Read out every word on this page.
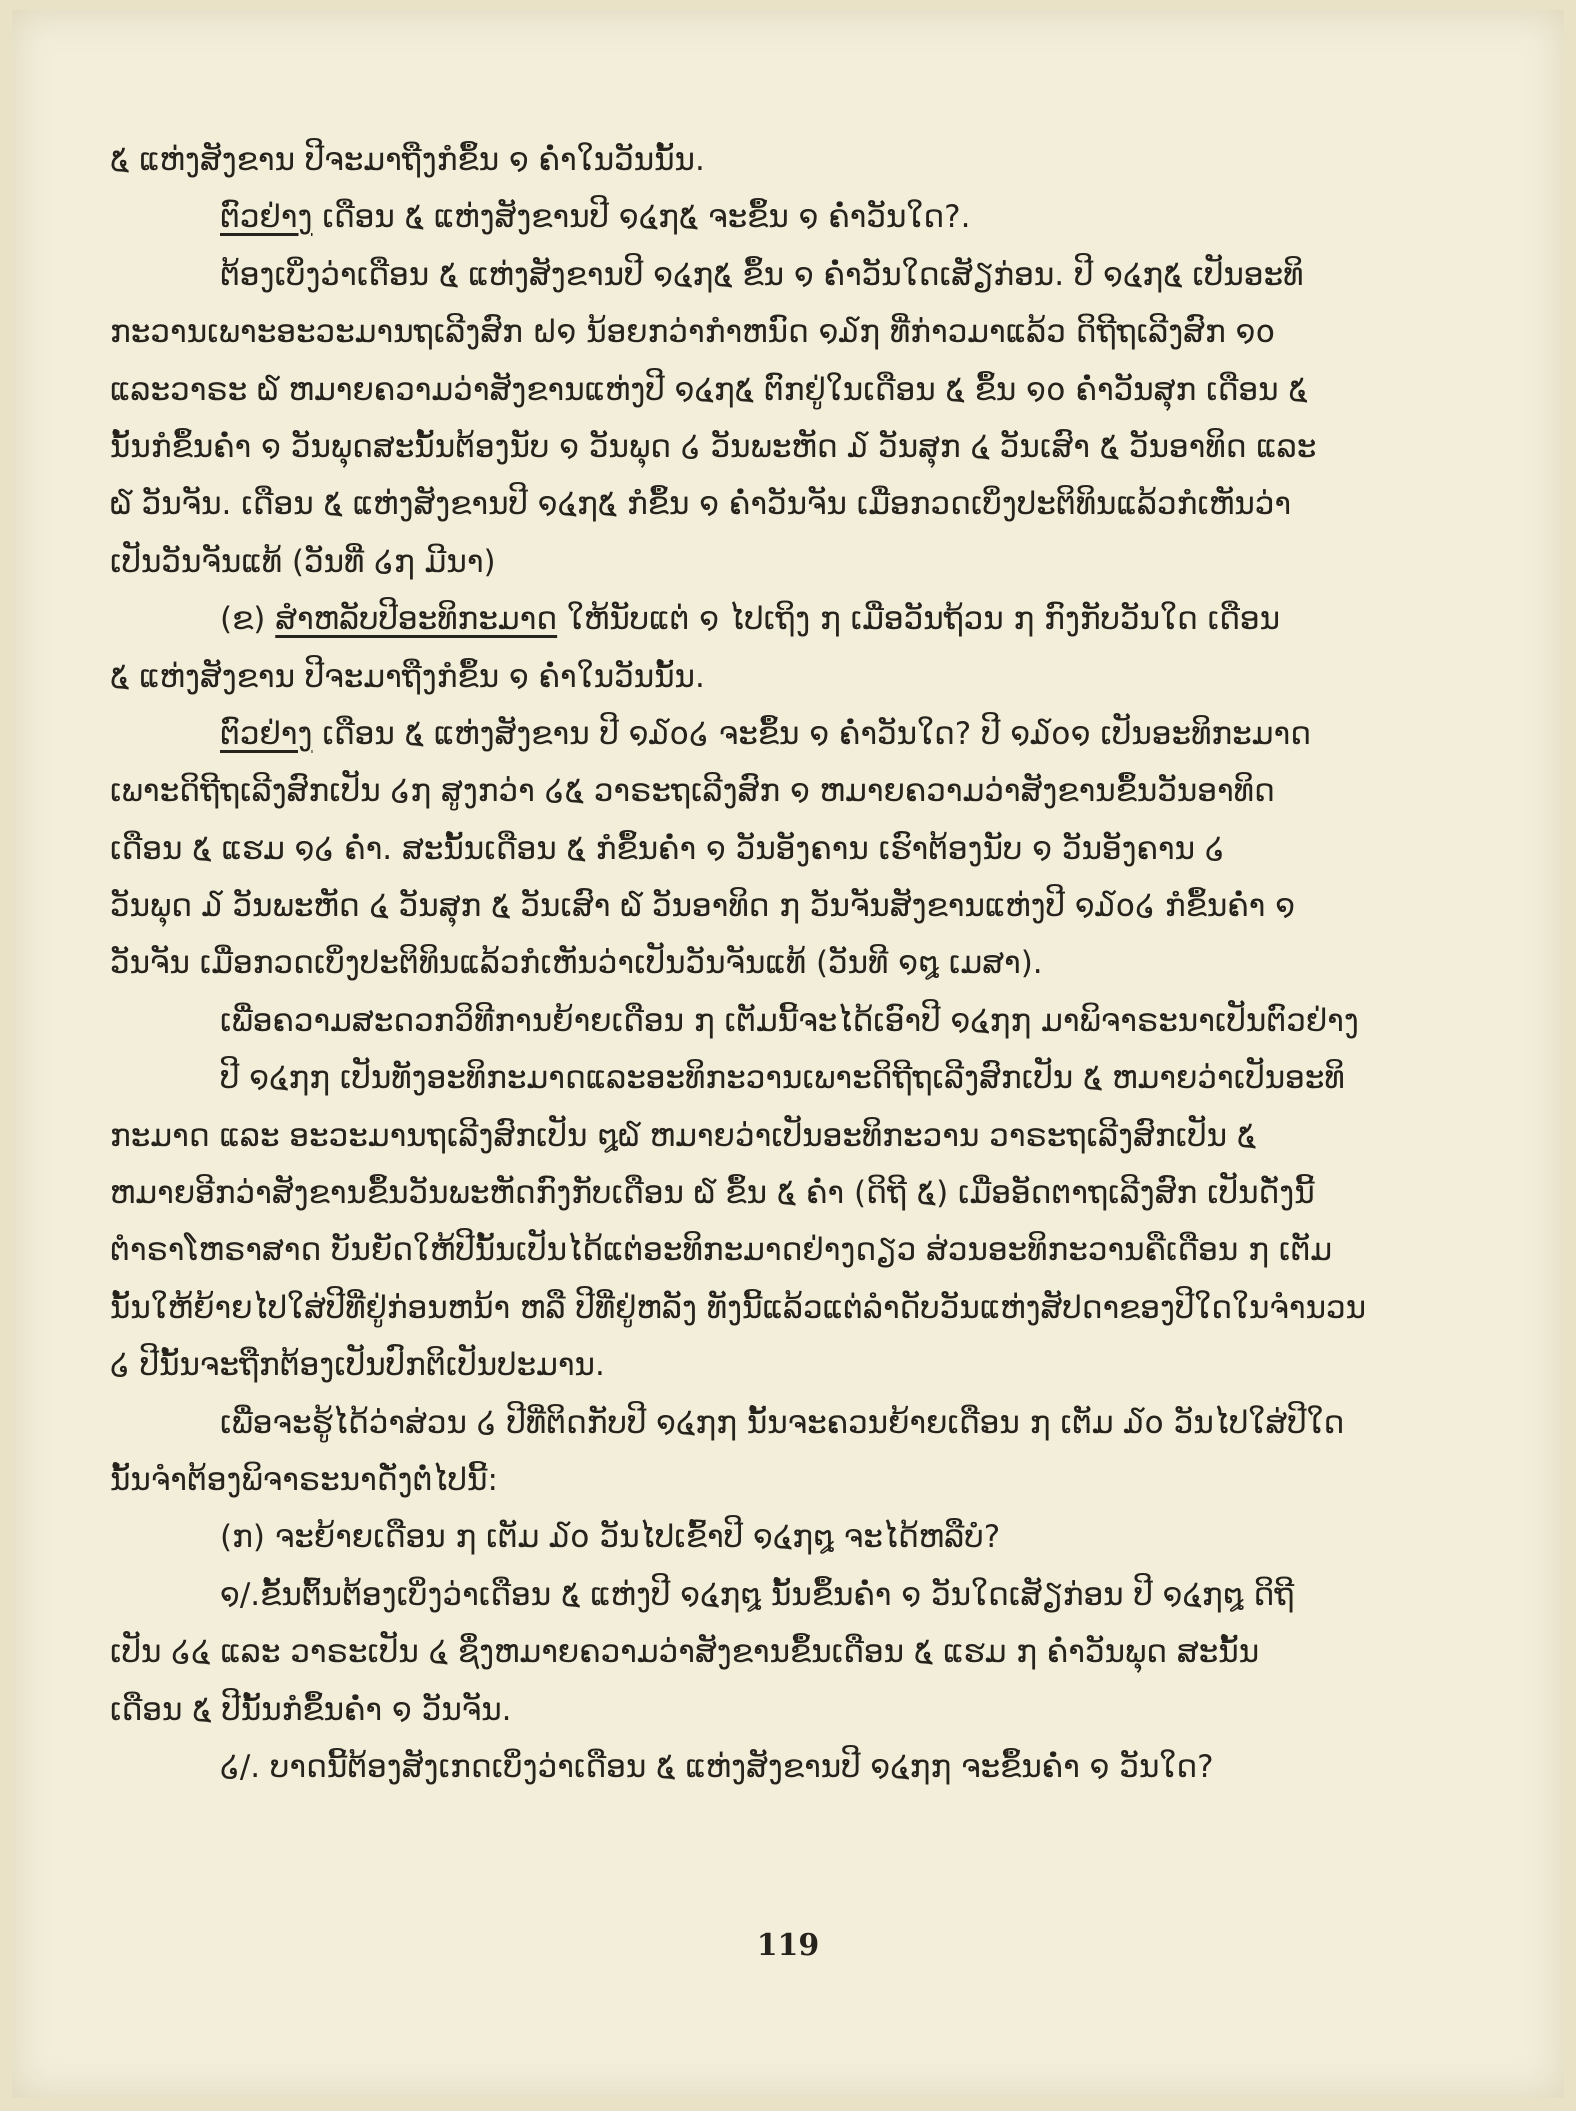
໕ ແຫ່ງສັງຂານ ປີຈະມາຖືງກໍຂຶ້ນ ໑ ຄ່ຳໃນວັນນັ້ນ.
ຕົວຢ່າງ ເດືອນ ໕ ແຫ່ງສັງຂານປີ ໑໔໗໕ ຈະຂຶ້ນ ໑ ຄ່ຳວັນໃດ?.
ຕ້ອງເບິ່ງວ່າເດືອນ ໕ ແຫ່ງສັງຂານປີ ໑໔໗໕ ຂຶ້ນ ໑ ຄ່ຳວັນໃດເສັຽກ່ອນ. ປີ ໑໔໗໕ ເປັນອະທິ
ກະວານເພາະອະວະມານຖເລີງສົກ ຝ໑ ນ້ອຍກວ່າກຳຫນົດ ໑໓໗ ທີ່ກ່າວມາແລ້ວ ດິຖີຖເລີງສົກ ໑໐
ແລະວາຣະ ໖ ຫມາຍຄວາມວ່າສັງຂານແຫ່ງປີ ໑໔໗໕ ຕົກຢູ່ໃນເດືອນ ໕ ຂຶ້ນ ໑໐ ຄ່ຳວັນສຸກ ເດືອນ ໕
ນັ້ນກໍຂຶ້ນຄ່ຳ ໑ ວັນພຸດສະນັ້ນຕ້ອງນັບ ໑ ວັນພຸດ ໒ ວັນພະຫັດ ໓ ວັນສຸກ ໔ ວັນເສົາ ໕ ວັນອາທິດ ແລະ
໖ ວັນຈັນ. ເດືອນ ໕ ແຫ່ງສັງຂານປີ ໑໔໗໕ ກໍຂຶ້ນ ໑ ຄ່ຳວັນຈັນ ເມື່ອກວດເບິ່ງປະຕິທິນແລ້ວກໍເຫັນວ່າ
ເປັນວັນຈັນແທ້ (ວັນທີ່ ໒໗ ມີນາ)
(ຂ) ສຳຫລັບປີອະທິກະມາດ ໃຫ້ນັບແຕ່ ໑ ໄປເຖິງ ໗ ເມື່ອວັນຖ້ວນ ໗ ກົງກັບວັນໃດ ເດືອນ
໕ ແຫ່ງສັງຂານ ປີຈະມາຖືງກໍຂຶ້ນ ໑ ຄ່ຳໃນວັນນັ້ນ.
ຕົວຢ່າງ ເດືອນ ໕ ແຫ່ງສັງຂານ ປີ ໑໓໐໒ ຈະຂຶ້ນ ໑ ຄ່ຳວັນໃດ? ປີ ໑໓໐໑ ເປັນອະທິກະມາດ
ເພາະດິຖີຖເລີງສົກເປັນ ໒໗ ສູງກວ່າ ໒໕ ວາຣະຖເລີງສົກ ໑ ຫມາຍຄວາມວ່າສັງຂານຂຶ້ນວັນອາທິດ
ເດືອນ ໕ ແຮມ ໑໒ ຄ່ຳ. ສະນັ້ນເດືອນ ໕ ກໍຂຶ້ນຄ່ຳ ໑ ວັນອັງຄານ ເຮົາຕ້ອງນັບ ໑ ວັນອັງຄານ ໒
ວັນພຸດ ໓ ວັນພະຫັດ ໔ ວັນສຸກ ໕ ວັນເສົາ ໖ ວັນອາທິດ ໗ ວັນຈັນສັງຂານແຫ່ງປີ ໑໓໐໒ ກໍຂຶ້ນຄ່ຳ ໑
ວັນຈັນ ເມື່ອກວດເບິ່ງປະຕິທິນແລ້ວກໍເຫັນວ່າເປັນວັນຈັນແທ້ (ວັນທີ ໑໘ ເມສາ).
ເພື່ອຄວາມສະດວກວິທີການຍ້າຍເດືອນ ໗ ເຕັມນີ້ຈະໄດ້ເອົາປີ ໑໔໗໗ ມາພິຈາຣະນາເປັນຕົວຢ່າງ
ປີ ໑໔໗໗ ເປັນທັງອະທິກະມາດແລະອະທິກະວານເພາະດິຖີຖເລີງສົກເປັນ ໕ ຫມາຍວ່າເປັນອະທິ
ກະມາດ ແລະ ອະວະມານຖເລີງສົກເປັນ ໘໖ ຫມາຍວ່າເປັນອະທິກະວານ ວາຣະຖເລີງສົກເປັນ ໕
ຫມາຍອີກວ່າສັງຂານຂຶ້ນວັນພະຫັດກົງກັບເດືອນ ໖ ຂຶ້ນ ໕ ຄ່ຳ (ດິຖີ ໕) ເມື່ອອັດຕາຖເລີງສົກ ເປັນດັ່ງນີ້
ຕຳຣາໂຫຣາສາດ ບັນຍັດໃຫ້ປີນັ້ນເປັນໄດ້ແຕ່ອະທິກະມາດຢ່າງດຽວ ສ່ວນອະທິກະວານຄືເດືອນ ໗ ເຕັມ
ນັ້ນໃຫ້ຍ້າຍໄປໃສ່ປີທີ່ຢູ່ກ່ອນຫນ້າ ຫລື ປີທີ່ຢູ່ຫລັງ ທັງນີ້ແລ້ວແຕ່ລຳດັບວັນແຫ່ງສັປດາຂອງປີໃດໃນຈຳນວນ
໒ ປີນັ້ນຈະຖືກຕ້ອງເປັນປົກຕິເປັນປະມານ.
ເພື່ອຈະຮູ້ໄດ້ວ່າສ່ວນ ໒ ປີທີ່ຕິດກັບປີ ໑໔໗໗ ນັ້ນຈະຄວນຍ້າຍເດືອນ ໗ ເຕັມ ໓໐ ວັນໄປໃສ່ປີໃດ
ນັ້ນຈຳຕ້ອງພິຈາຣະນາດັ່ງຕໍ່ໄປນີ້:
(ກ) ຈະຍ້າຍເດືອນ ໗ ເຕັມ ໓໐ ວັນໄປເຂົ້າປີ ໑໔໗໘ ຈະໄດ້ຫລືບໍ?
໑/.ຂັ້ນຕົ້ນຕ້ອງເບິ່ງວ່າເດືອນ ໕ ແຫ່ງປີ ໑໔໗໘ ນັ້ນຂຶ້ນຄ່ຳ ໑ ວັນໃດເສັຽກ່ອນ ປີ ໑໔໗໘ ດິຖີ
ເປັນ ໒໔ ແລະ ວາຣະເປັນ ໔ ຊຶ່ງຫມາຍຄວາມວ່າສັງຂານຂຶ້ນເດືອນ ໕ ແຮມ ໗ ຄ່ຳວັນພຸດ ສະນັ້ນ
ເດືອນ ໕ ປີນັ້ນກໍຂຶ້ນຄ່ຳ ໑ ວັນຈັນ.
໒/. ບາດນີ້ຕ້ອງສັງເກດເບິ່ງວ່າເດືອນ ໕ ແຫ່ງສັງຂານປີ ໑໔໗໗ ຈະຂຶ້ນຄ່ຳ ໑ ວັນໃດ?
119
